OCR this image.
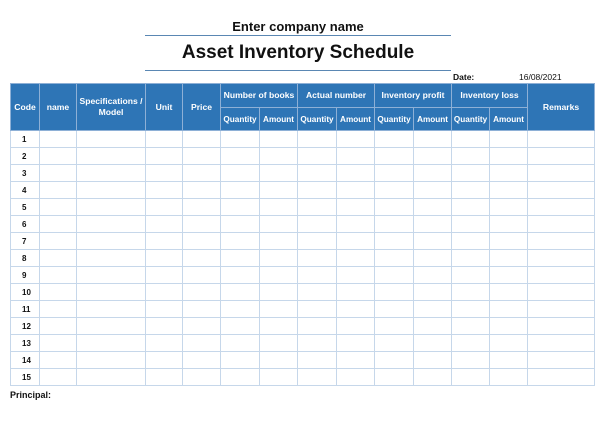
Enter company name
Asset Inventory Schedule
Date:	16/08/2021
Code	name	Specifications / Model	Unit	Price	Number of books		Actual number		Inventory profit		Inventory loss		Remarks
					Quantity	Amount	Quantity	Amount	Quantity	Amount	Quantity	Amount	
1													
2													
3													
4													
5													
6													
7													
8													
9													
10													
11													
12													
13													
14													
15													
Principal:
